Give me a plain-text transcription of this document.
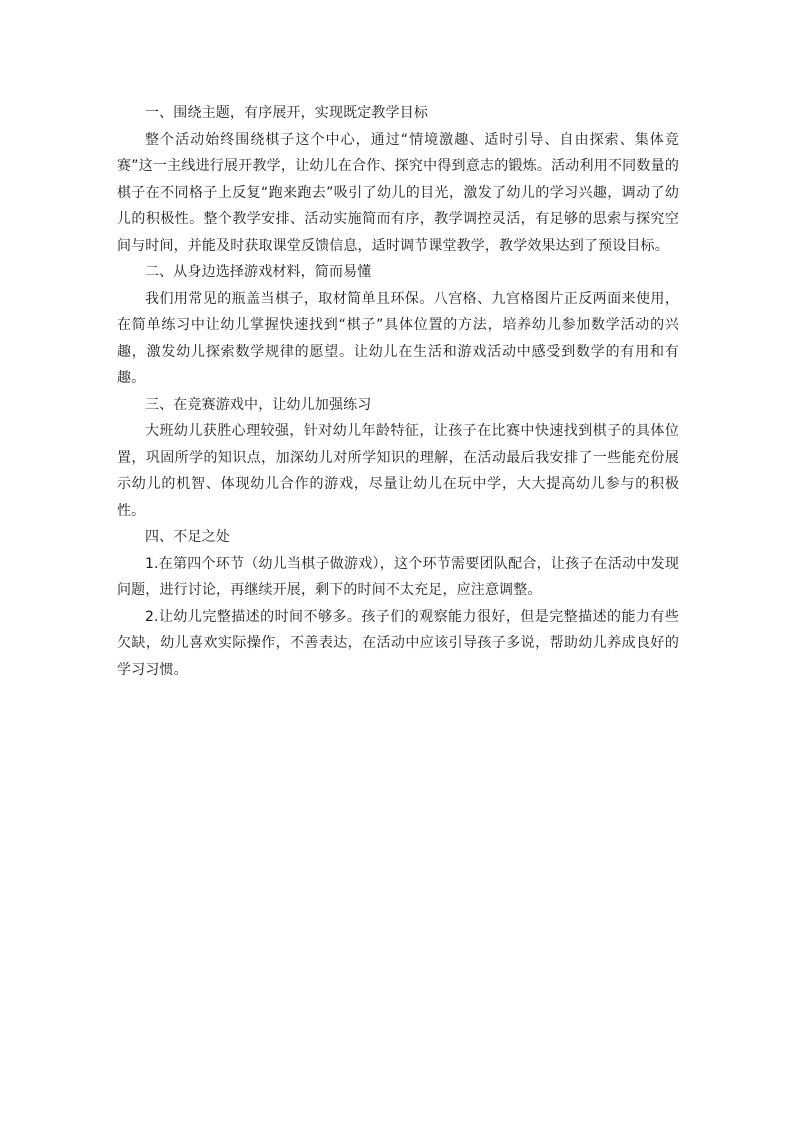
一、围绕主题，有序展开，实现既定教学目标

整个活动始终围绕棋子这个中心，通过“情境激趣、适时引导、自由探索、集体竞赛”这一主线进行展开教学，让幼儿在合作、探究中得到意志的锻炼。活动利用不同数量的棋子在不同格子上反复“跑来跑去”吸引了幼儿的目光，激发了幼儿的学习兴趣，调动了幼儿的积极性。整个教学安排、活动实施简而有序，教学调控灵活，有足够的思索与探究空间与时间，并能及时获取课堂反馈信息，适时调节课堂教学，教学效果达到了预设目标。

二、从身边选择游戏材料，简而易懂

我们用常见的瓶盖当棋子，取材简单且环保。八宫格、九宫格图片正反两面来使用，在简单练习中让幼儿掌握快速找到“棋子”具体位置的方法，培养幼儿参加数学活动的兴趣，激发幼儿探索数学规律的愿望。让幼儿在生活和游戏活动中感受到数学的有用和有趣。

三、在竞赛游戏中，让幼儿加强练习

大班幼儿获胜心理较强，针对幼儿年龄特征，让孩子在比赛中快速找到棋子的具体位置，巩固所学的知识点，加深幼儿对所学知识的理解，在活动最后我安排了一些能充份展示幼儿的机智、体现幼儿合作的游戏，尽量让幼儿在玩中学，大大提高幼儿参与的积极性。

四、不足之处

1.在第四个环节（幼儿当棋子做游戏），这个环节需要团队配合，让孩子在活动中发现问题，进行讨论，再继续开展，剩下的时间不太充足，应注意调整。

2.让幼儿完整描述的时间不够多。孩子们的观察能力很好，但是完整描述的能力有些欠缺，幼儿喜欢实际操作，不善表达，在活动中应该引导孩子多说，帮助幼儿养成良好的学习习惯。
